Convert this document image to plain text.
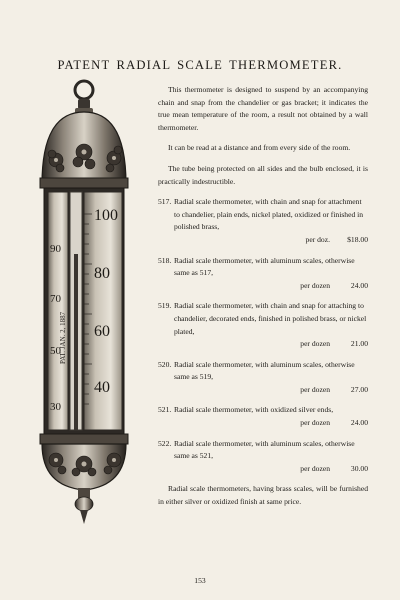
PATENT RADIAL SCALE THERMOMETER.
100
80
60
40
90
70
50
30
PAT. JAN. 2, 1887

This thermometer is designed to suspend by an accompanying chain and snap from the chandelier or gas bracket; it indicates the true mean temperature of the room, a result not obtained by a wall thermometer.

It can be read at a distance and from every side of the room.

The tube being protected on all sides and the bulb enclosed, it is practically indestructible.

517. Radial scale thermometer, with chain and snap for attachment to chandelier, plain ends, nickel plated, oxidized or finished in polished brass,
per doz.	$18.00
518. Radial scale thermometer, with aluminum scales, otherwise same as 517,
per dozen	24.00
519. Radial scale thermometer, with chain and snap for attaching to chandelier, decorated ends, finished in polished brass, or nickel plated,
per dozen	21.00
520. Radial scale thermometer, with aluminum scales, otherwise same as 519,
per dozen	27.00
521. Radial scale thermometer, with oxidized silver ends,
per dozen	24.00
522. Radial scale thermometer, with aluminum scales, otherwise same as 521,
per dozen	30.00

Radial scale thermometers, having brass scales, will be furnished in either silver or oxidized finish at same price.

153
